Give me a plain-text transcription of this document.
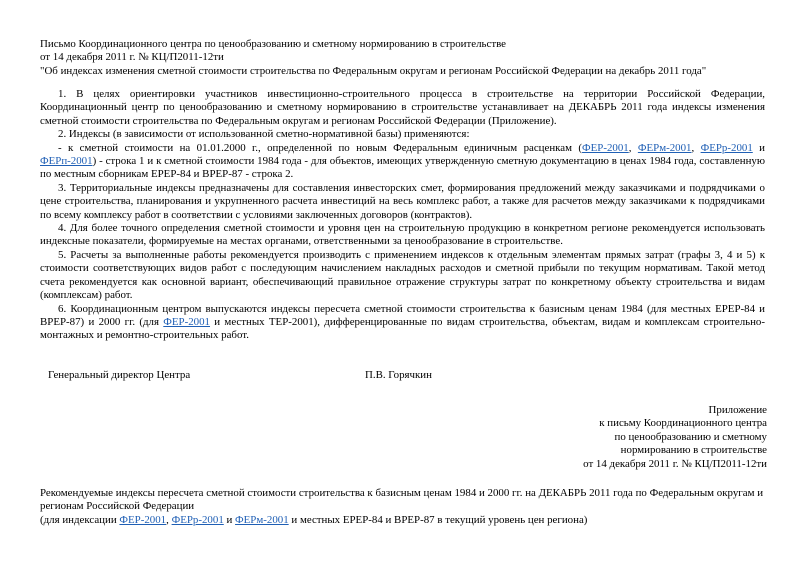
Письмо Координационного центра по ценообразованию и сметному нормированию в строительстве
от 14 декабря 2011 г. № КЦ/П2011-12ти
"Об индексах изменения сметной стоимости строительства по Федеральным округам и регионам Российской Федерации на декабрь 2011 года"

1. В целях ориентировки участников инвестиционно-строительного процесса в строительстве на территории Российской Федерации, Координационный центр по ценообразованию и сметному нормированию в строительстве устанавливает на ДЕКАБРЬ 2011 года индексы изменения сметной стоимости строительства по Федеральным округам и регионам Российской Федерации (Приложение).

2. Индексы (в зависимости от использованной сметно-нормативной базы) применяются:

- к сметной стоимости на 01.01.2000 г., определенной по новым Федеральным единичным расценкам (ФЕР-2001, ФЕРм-2001, ФЕРр-2001 и ФЕРп-2001) - строка 1 и к сметной стоимости 1984 года - для объектов, имеющих утвержденную сметную документацию в ценах 1984 года, составленную по местным сборникам ЕРЕР-84 и ВРЕР-87 - строка 2.

3. Территориальные индексы предназначены для составления инвесторских смет, формирования предложений между заказчиками и подрядчиками о цене строительства, планирования и укрупненного расчета инвестиций на весь комплекс работ, а также для расчетов между заказчиками к подрядчиками по всему комплексу работ в соответствии с условиями заключенных договоров (контрактов).

4. Для более точного определения сметной стоимости и уровня цен на строительную продукцию в конкретном регионе рекомендуется использовать индексные показатели, формируемые на местах органами, ответственными за ценообразование в строительстве.

5. Расчеты за выполненные работы рекомендуется производить с применением индексов к отдельным элементам прямых затрат (графы 3, 4 и 5) к стоимости соответствующих видов работ с последующим начислением накладных расходов и сметной прибыли по текущим нормативам. Такой метод счета рекомендуется как основной вариант, обеспечивающий правильное отражение структуры затрат по конкретному объекту строительства и видам (комплексам) работ.

6. Координационным центром выпускаются индексы пересчета сметной стоимости строительства к базисным ценам 1984 (для местных ЕРЕР-84 и ВРЕР-87) и 2000 гг. (для ФЕР-2001 и местных ТЕР-2001), дифференцированные по видам строительства, объектам, видам и комплексам строительно-монтажных и ремонтно-строительных работ.

Генеральный директор Центра	П.В. Горячкин
Приложение
к письму Координационного центра
по ценообразованию и сметному
нормированию в строительстве
от 14 декабря 2011 г. № КЦ/П2011-12ти
Рекомендуемые индексы пересчета сметной стоимости строительства к базисным ценам 1984 и 2000 гг. на ДЕКАБРЬ 2011 года по Федеральным округам и регионам Российской Федерации
(для индексации ФЕР-2001, ФЕРр-2001 и ФЕРм-2001 и местных ЕРЕР-84 и ВРЕР-87 в текущий уровень цен региона)
